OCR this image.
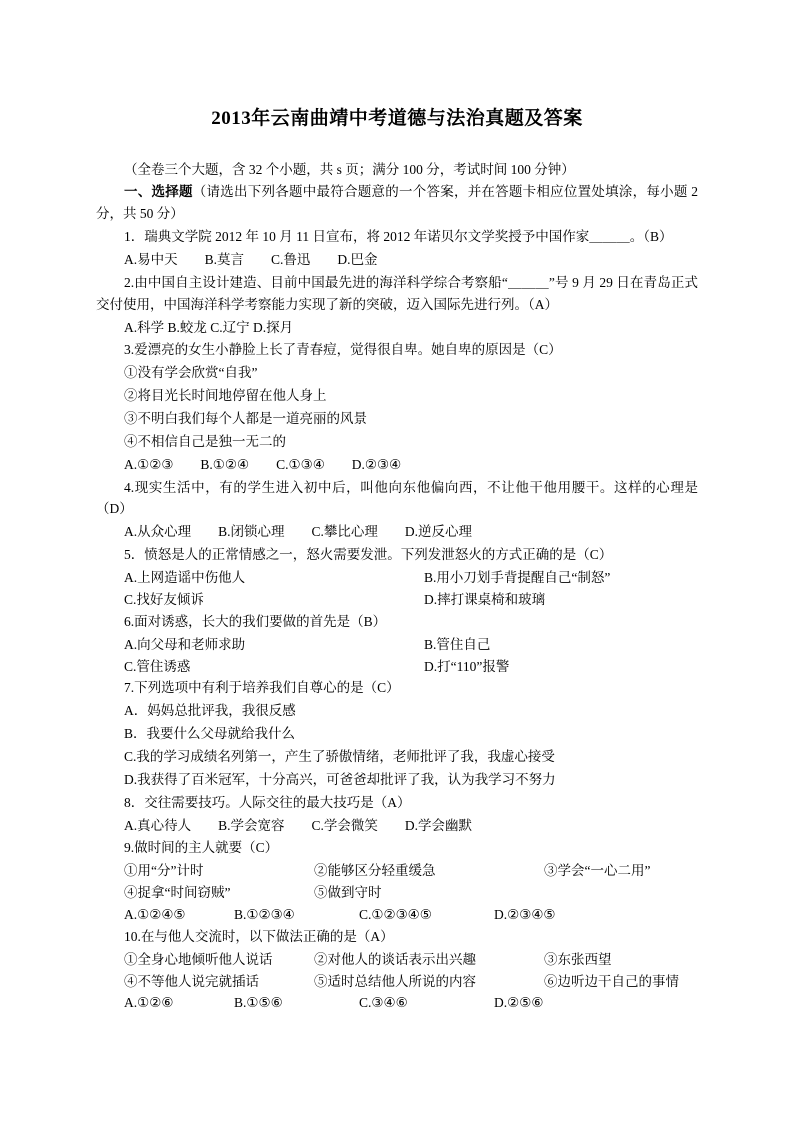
2013年云南曲靖中考道德与法治真题及答案

（全卷三个大题，含 32 个小题，共 s 页；满分 100 分，考试时间 100 分钟）

一、选择题（请选出下列各题中最符合题意的一个答案，并在答题卡相应位置处填涂，每小题 2 分，共 50 分）

1．瑞典文学院 2012 年 10 月 11 日宣布，将 2012 年诺贝尔文学奖授予中国作家＿＿＿。（B）

A.易中天　　B.莫言　　C.鲁迅　　D.巴金

2.由中国自主设计建造、目前中国最先进的海洋科学综合考察船“＿＿＿”号 9 月 29 日在青岛正式交付使用，中国海洋科学考察能力实现了新的突破，迈入国际先进行列。（A）

A.科学 B.蛟龙 C.辽宁 D.探月

3.爱漂亮的女生小静脸上长了青春痘，觉得很自卑。她自卑的原因是（C）

①没有学会欣赏“自我”

②将目光长时间地停留在他人身上

③不明白我们每个人都是一道亮丽的风景

④不相信自己是独一无二的

A.①②③　　B.①②④　　C.①③④　　D.②③④

4.现实生活中，有的学生进入初中后，叫他向东他偏向西，不让他干他用腰干。这样的心理是（D）

A.从众心理　　B.闭锁心理　　C.攀比心理　　D.逆反心理

5．愤怒是人的正常情感之一，怒火需要发泄。下列发泄怒火的方式正确的是（C）

A.上网造谣中伤他人	B.用小刀划手背提醒自己“制怒”
C.找好友倾诉	D.摔打课桌椅和玻璃

6.面对诱惑，长大的我们要做的首先是（B）

A.向父母和老师求助	B.管住自己
C.管住诱惑	D.打“110”报警

7.下列选项中有利于培养我们自尊心的是（C）

A．妈妈总批评我，我很反感

B．我要什么父母就给我什么

C.我的学习成绩名列第一，产生了骄傲情绪，老师批评了我，我虚心接受

D.我获得了百米冠军，十分高兴，可爸爸却批评了我，认为我学习不努力

8．交往需要技巧。人际交往的最大技巧是（A）

A.真心待人　　B.学会宽容　　C.学会微笑　　D.学会幽默

9.做时间的主人就要（C）

①用“分”计时	②能够区分轻重缓急	③学会“一心二用”
④捉拿“时间窃贼”	⑤做到守时
A.①②④⑤	B.①②③④	C.①②③④⑤	D.②③④⑤

10.在与他人交流时，以下做法正确的是（A）

①全身心地倾听他人说话	②对他人的谈话表示出兴趣	③东张西望
④不等他人说完就插话	⑤适时总结他人所说的内容	⑥边听边干自己的事情
A.①②⑥	B.①⑤⑥	C.③④⑥	D.②⑤⑥
